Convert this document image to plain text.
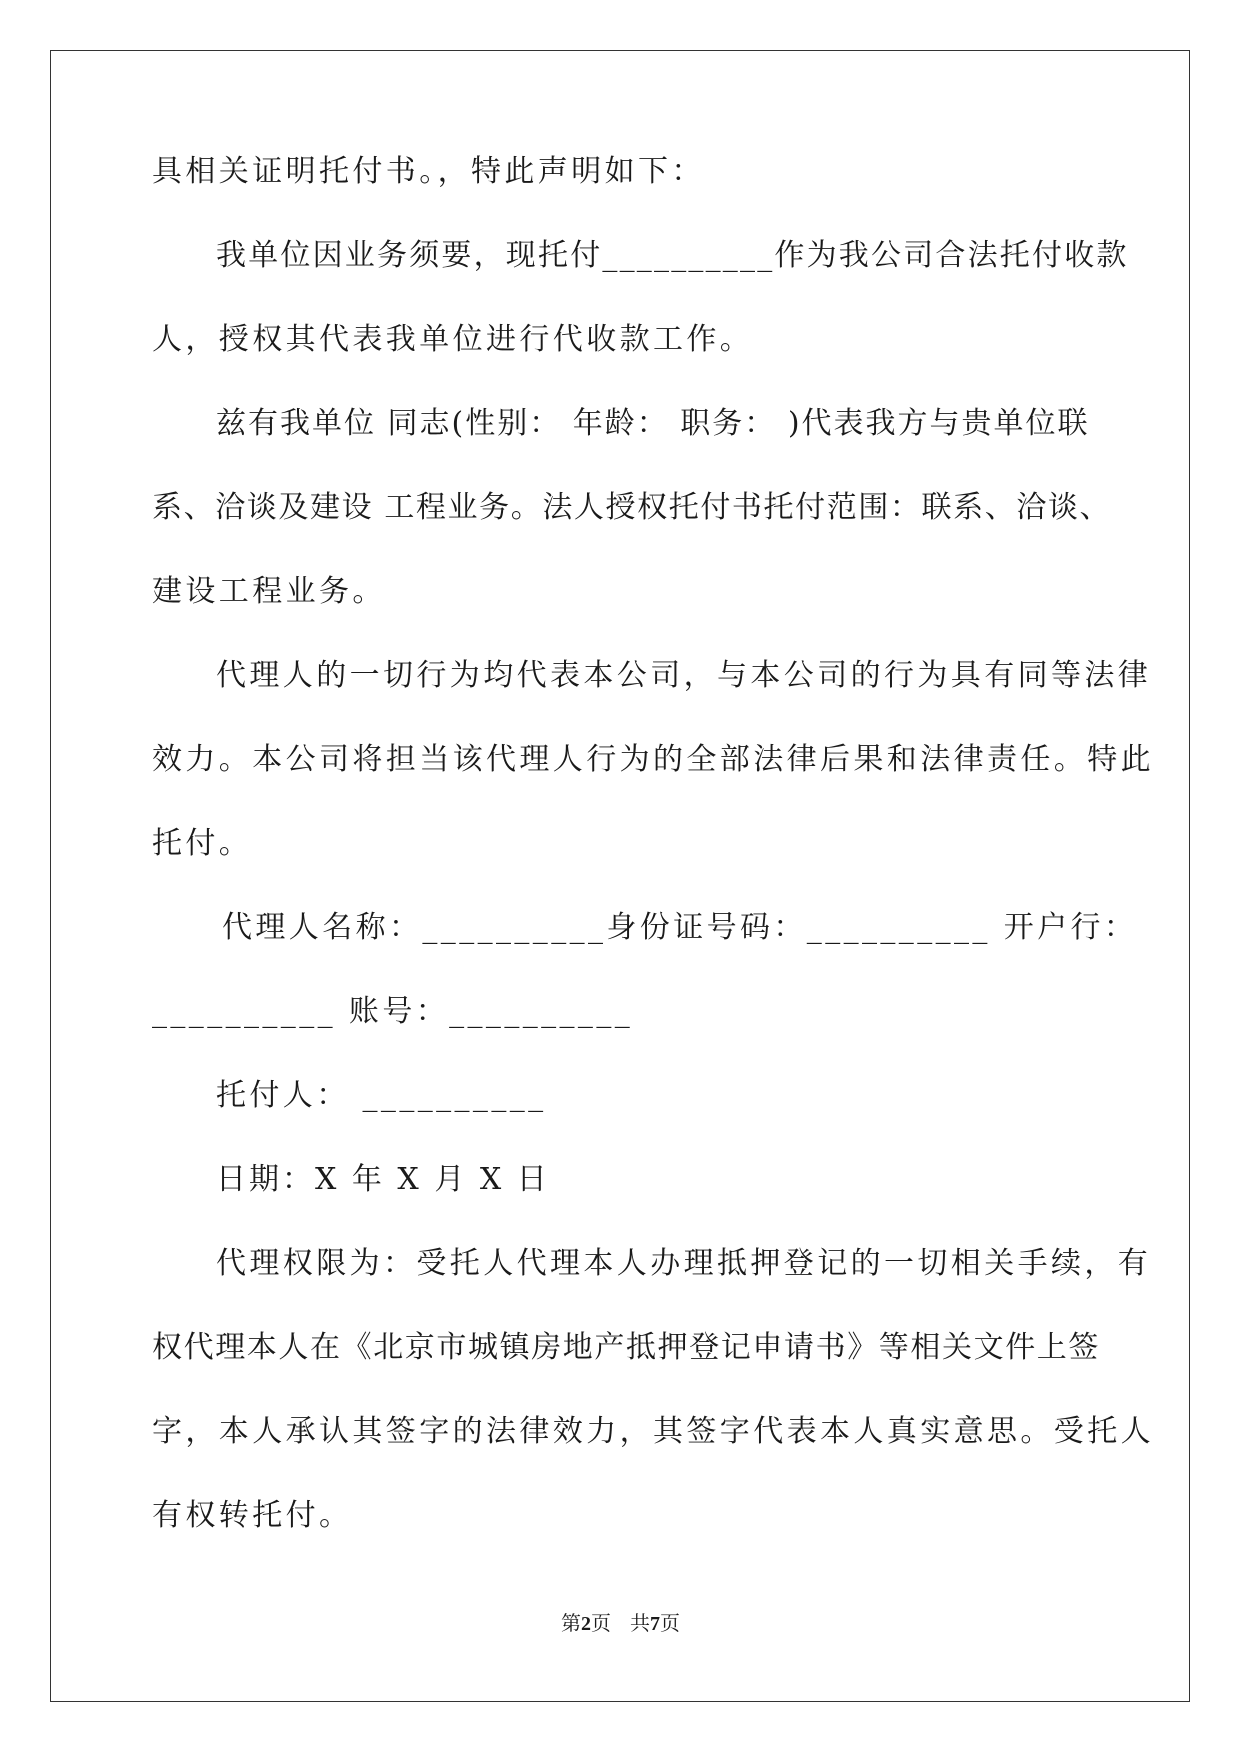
具相关证明托付书。，特此声明如下：

我单位因业务须要，现托付__________作为我公司合法托付收款

人，授权其代表我单位进行代收款工作。

兹有我单位 同志(性别： 年龄： 职务： )代表我方与贵单位联

系、洽谈及建设 工程业务。法人授权托付书托付范围：联系、洽谈、

建设工程业务。

代理人的一切行为均代表本公司，与本公司的行为具有同等法律

效力。本公司将担当该代理人行为的全部法律后果和法律责任。特此

托付。

代理人名称：__________身份证号码：__________ 开户行：

__________ 账号：__________

托付人： __________

日期：X 年 X 月 X 日

代理权限为：受托人代理本人办理抵押登记的一切相关手续，有

权代理本人在《北京市城镇房地产抵押登记申请书》等相关文件上签

字，本人承认其签字的法律效力，其签字代表本人真实意思。受托人

有权转托付。

第2页 共7页
